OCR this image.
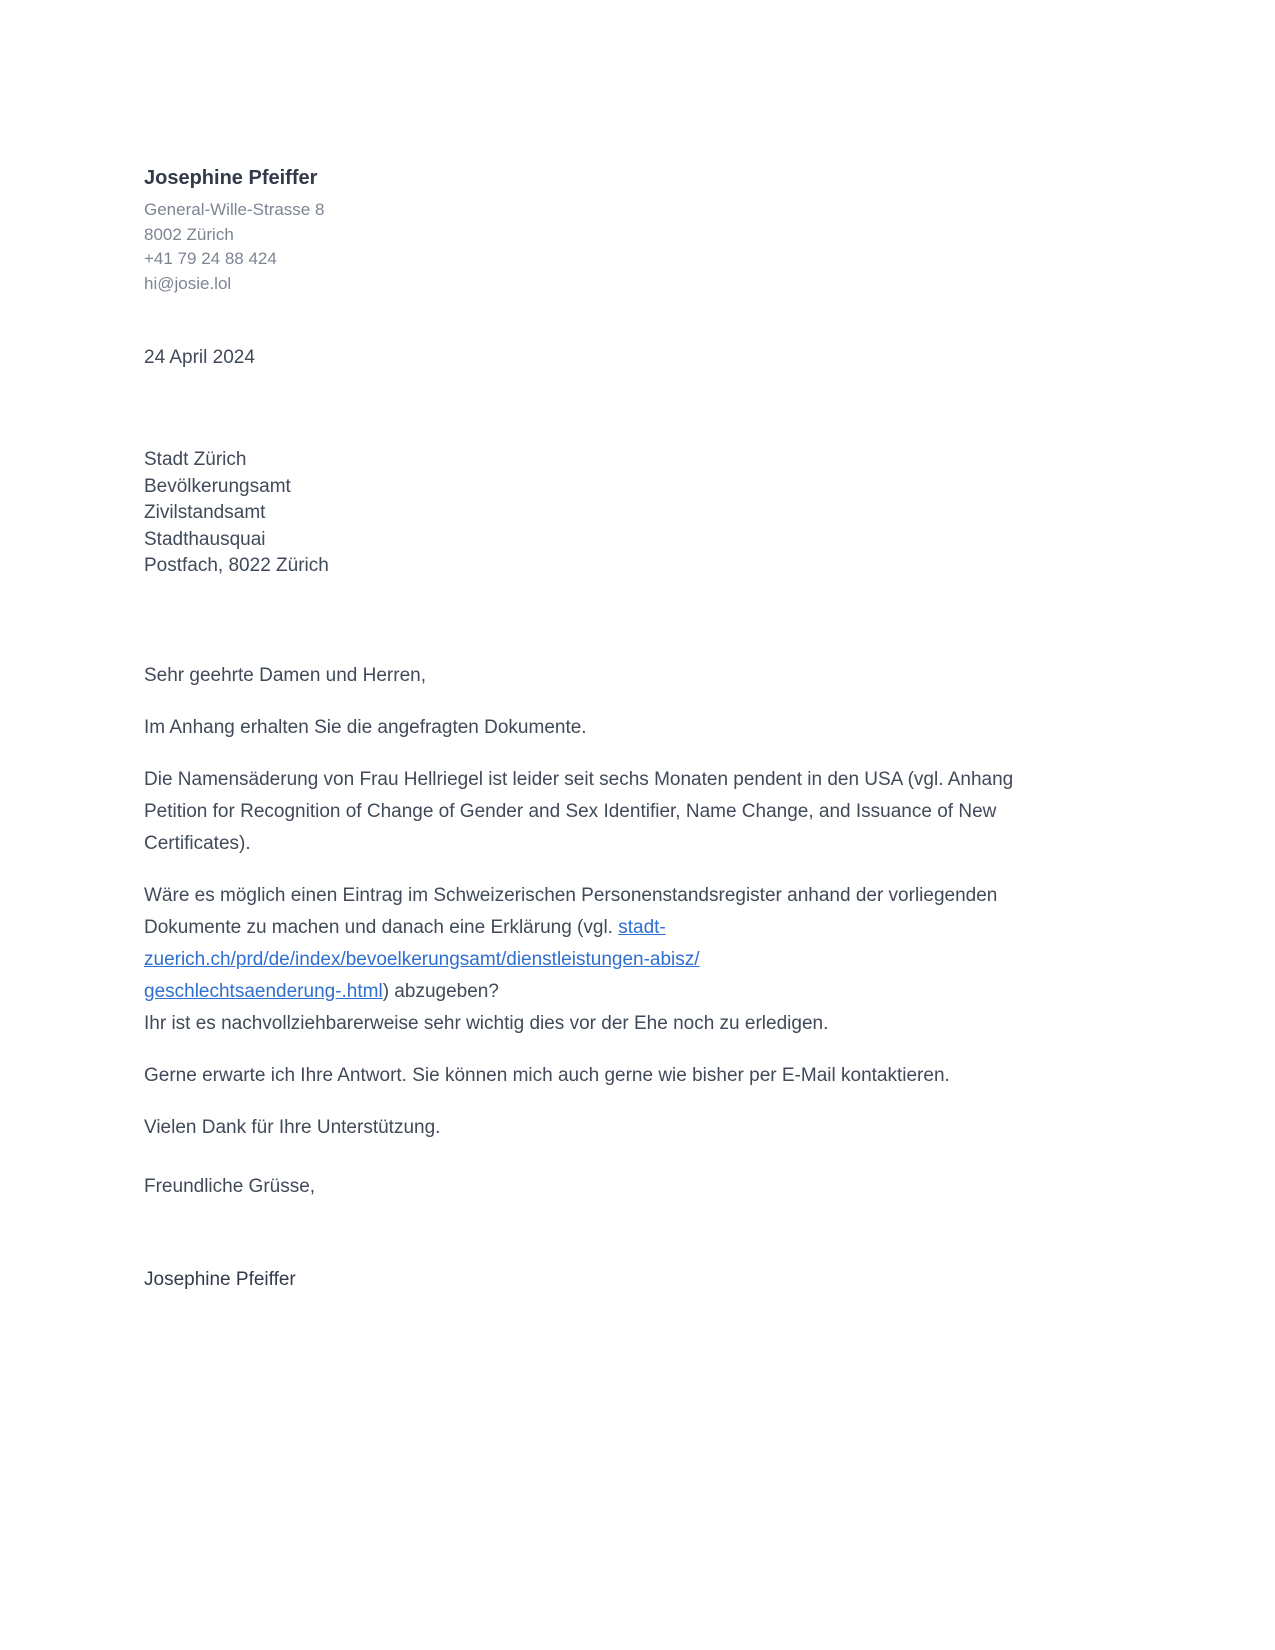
Josephine Pfeiffer
General-Wille-Strasse 8
8002 Zürich
+41 79 24 88 424
hi@josie.lol
24 April 2024
Stadt Zürich
Bevölkerungsamt
Zivilstandsamt
Stadthausquai
Postfach, 8022 Zürich

Sehr geehrte Damen und Herren,

Im Anhang erhalten Sie die angefragten Dokumente.

Die Namensäderung von Frau Hellriegel ist leider seit sechs Monaten pendent in den USA (vgl. Anhang Petition for Recognition of Change of Gender and Sex Identifier, Name Change, and Issuance of New Certificates).

Wäre es möglich einen Eintrag im Schweizerischen Personenstandsregister anhand der vorliegenden Dokumente zu machen und danach eine Erklärung (vgl. stadt-zuerich.ch/prd/de/index/bevoelkerungsamt/dienstleistungen-abisz/
geschlechtsaenderung-.html) abzugeben?
Ihr ist es nachvollziehbarerweise sehr wichtig dies vor der Ehe noch zu erledigen.

Gerne erwarte ich Ihre Antwort. Sie können mich auch gerne wie bisher per E-Mail kontaktieren.

Vielen Dank für Ihre Unterstützung.

Freundliche Grüsse,

Josephine Pfeiffer
